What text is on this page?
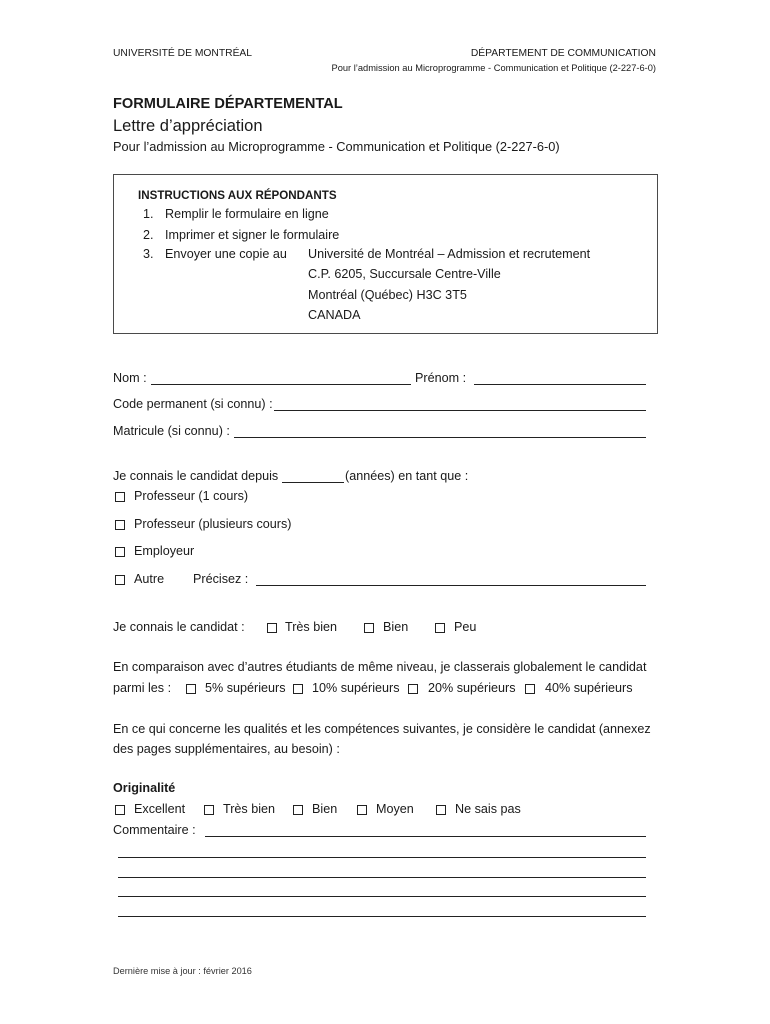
UNIVERSITÉ DE MONTRÉAL	DÉPARTEMENT DE COMMUNICATION
Pour l’admission au Microprogramme - Communication et Politique (2-227-6-0)
FORMULAIRE DÉPARTEMENTAL
Lettre d’appréciation
Pour l’admission au Microprogramme - Communication et Politique (2-227-6-0)
INSTRUCTIONS AUX RÉPONDANTS
1. Remplir le formulaire en ligne
2. Imprimer et signer le formulaire
3. Envoyer une copie au Université de Montréal – Admission et recrutement
C.P. 6205, Succursale Centre-Ville
Montréal (Québec) H3C 3T5
CANADA
Nom :	Prénom :
Code permanent (si connu) :
Matricule (si connu) :
Je connais le candidat depuis	(années) en tant que :
Professeur (1 cours)
Professeur (plusieurs cours)
Employeur
Autre Précisez :
Je connais le candidat :	Très bien	Bien	Peu
En comparaison avec d’autres étudiants de même niveau, je classerais globalement le candidat
parmi les :	5% supérieurs 10% supérieurs 20% supérieurs 40% supérieurs
En ce qui concerne les qualités et les compétences suivantes, je considère le candidat (annexez
des pages supplémentaires, au besoin) :
Originalité
Excellent	Très bien	Bien	Moyen	Ne sais pas
Commentaire :
Dernière mise à jour : février 2016
